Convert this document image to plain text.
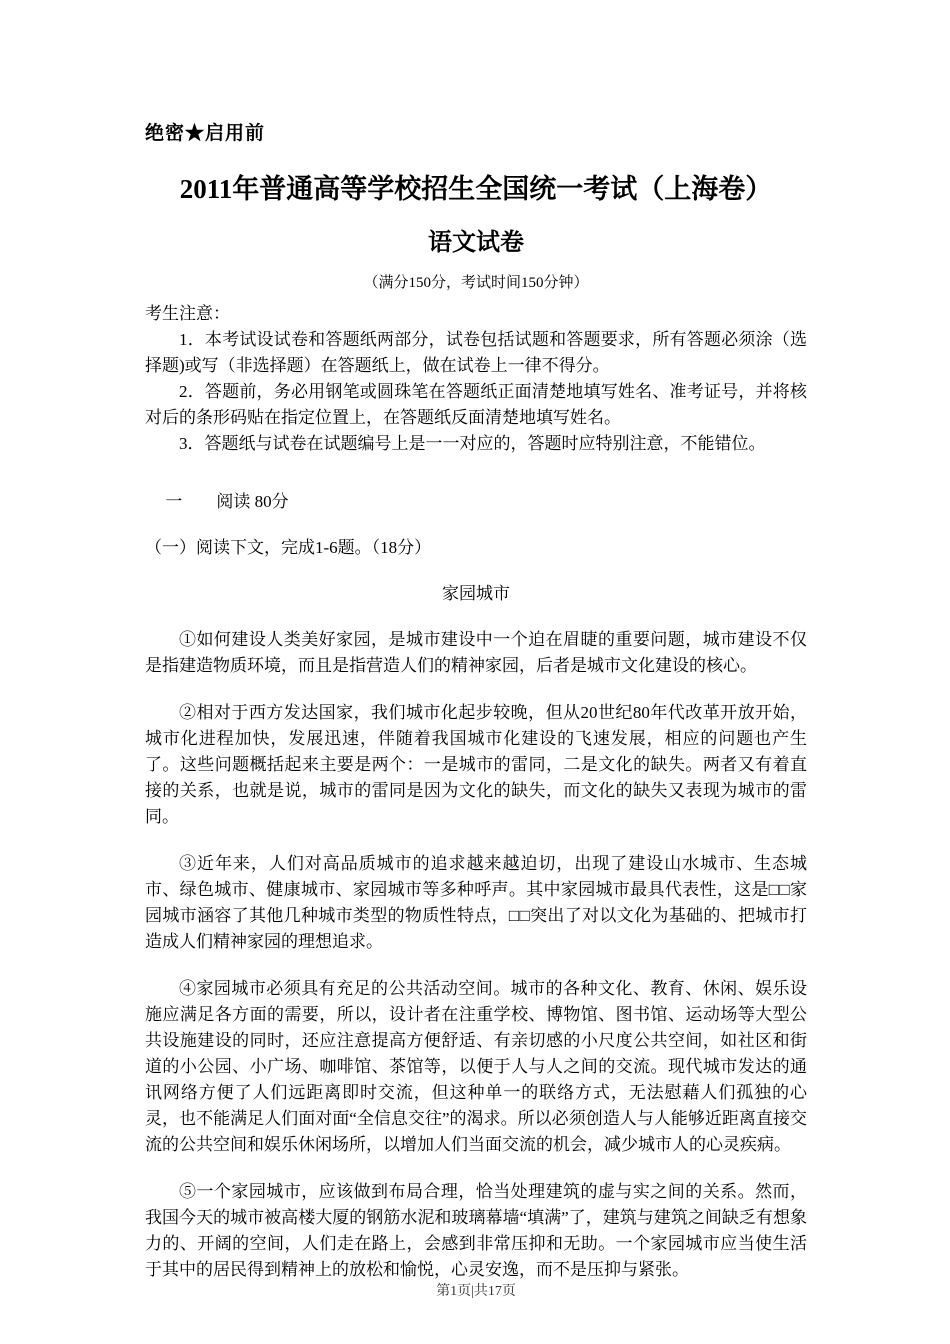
绝密★启用前
2011年普通高等学校招生全国统一考试（上海卷）
语文试卷
（满分150分，考试时间150分钟）
考生注意：
1．本考试设试卷和答题纸两部分，试卷包括试题和答题要求，所有答题必须涂（选择题)或写（非选择题）在答题纸上，做在试卷上一律不得分。
2．答题前，务必用钢笔或圆珠笔在答题纸正面清楚地填写姓名、准考证号，并将核对后的条形码贴在指定位置上，在答题纸反面清楚地填写姓名。
3．答题纸与试卷在试题编号上是一一对应的，答题时应特别注意，不能错位。
一　　阅读 80分
（一）阅读下文，完成1-6题。（18分）
家园城市
①如何建设人类美好家园，是城市建设中一个迫在眉睫的重要问题，城市建设不仅是指建造物质环境，而且是指营造人们的精神家园，后者是城市文化建设的核心。
②相对于西方发达国家，我们城市化起步较晚，但从20世纪80年代改革开放开始，城市化进程加快，发展迅速，伴随着我国城市化建设的飞速发展，相应的问题也产生了。这些问题概括起来主要是两个：一是城市的雷同，二是文化的缺失。两者又有着直接的关系，也就是说，城市的雷同是因为文化的缺失，而文化的缺失又表现为城市的雷同。
③近年来，人们对高品质城市的追求越来越迫切，出现了建设山水城市、生态城市、绿色城市、健康城市、家园城市等多种呼声。其中家园城市最具代表性，这是□□家园城市涵容了其他几种城市类型的物质性特点，□□突出了对以文化为基础的、把城市打造成人们精神家园的理想追求。
④家园城市必须具有充足的公共活动空间。城市的各种文化、教育、休闲、娱乐设施应满足各方面的需要，所以，设计者在注重学校、博物馆、图书馆、运动场等大型公共设施建设的同时，还应注意提高方便舒适、有亲切感的小尺度公共空间，如社区和街道的小公园、小广场、咖啡馆、茶馆等，以便于人与人之间的交流。现代城市发达的通讯网络方便了人们远距离即时交流，但这种单一的联络方式，无法慰藉人们孤独的心灵，也不能满足人们面对面“全信息交往”的渴求。所以必须创造人与人能够近距离直接交流的公共空间和娱乐休闲场所，以增加人们当面交流的机会，减少城市人的心灵疾病。
⑤一个家园城市，应该做到布局合理，恰当处理建筑的虚与实之间的关系。然而，我国今天的城市被高楼大厦的钢筋水泥和玻璃幕墙“填满”了，建筑与建筑之间缺乏有想象力的、开阔的空间，人们走在路上，会感到非常压抑和无助。一个家园城市应当使生活于其中的居民得到精神上的放松和愉悦，心灵安逸，而不是压抑与紧张。
第1页|共17页
